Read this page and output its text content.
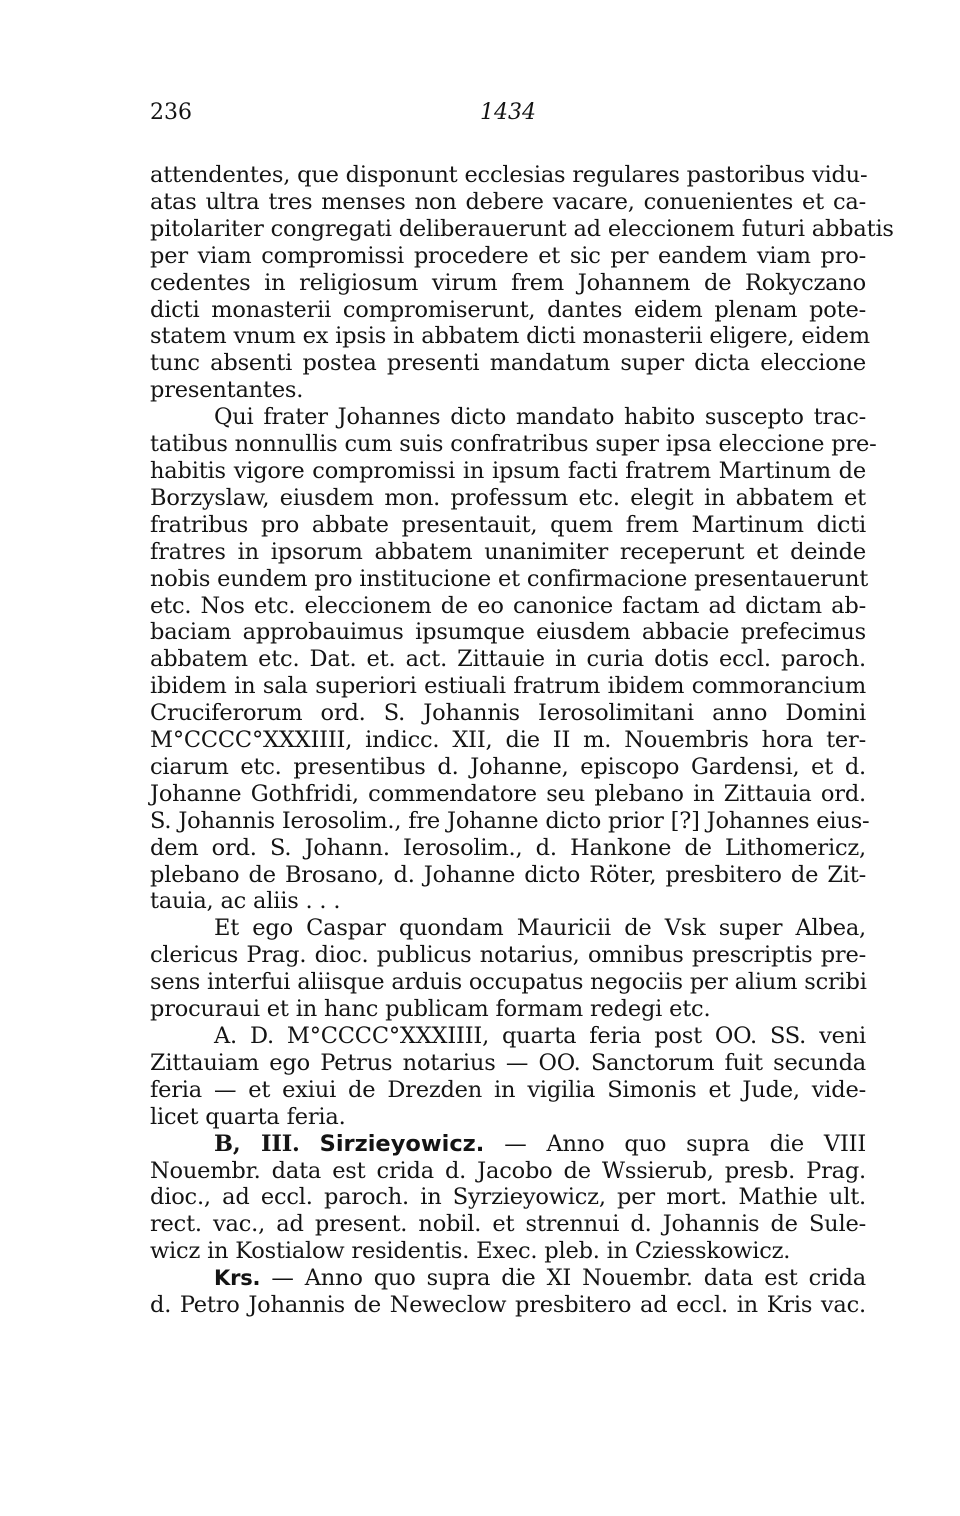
236	1434
attendentes, que disponunt ecclesias regulares pastoribus vidu-
atas ultra tres menses non debere vacare, conuenientes et ca-
pitolariter congregati deliberauerunt ad eleccionem futuri abbatis
per viam compromissi procedere et sic per eandem viam pro-
cedentes in religiosum virum frem Johannem de Rokyczano
dicti monasterii compromiserunt, dantes eidem plenam pote-
statem vnum ex ipsis in abbatem dicti monasterii eligere, eidem
tunc absenti postea presenti mandatum super dicta eleccione
presentantes.
Qui frater Johannes dicto mandato habito suscepto trac-
tatibus nonnullis cum suis confratribus super ipsa eleccione pre-
habitis vigore compromissi in ipsum facti fratrem Martinum de
Borzyslaw, eiusdem mon. professum etc. elegit in abbatem et
fratribus pro abbate presentauit, quem frem Martinum dicti
fratres in ipsorum abbatem unanimiter receperunt et deinde
nobis eundem pro institucione et confirmacione presentauerunt
etc. Nos etc. eleccionem de eo canonice factam ad dictam ab-
baciam approbauimus ipsumque eiusdem abbacie prefecimus
abbatem etc. Dat. et. act. Zittauie in curia dotis eccl. paroch.
ibidem in sala superiori estiuali fratrum ibidem commorancium
Cruciferorum ord. S. Johannis Ierosolimitani anno Domini
M°CCCC°XXXIIII, indicc. XII, die II m. Nouembris hora ter-
ciarum etc. presentibus d. Johanne, episcopo Gardensi, et d.
Johanne Gothfridi, commendatore seu plebano in Zittauia ord.
S. Johannis Ierosolim., fre Johanne dicto prior [?] Johannes eius-
dem ord. S. Johann. Ierosolim., d. Hankone de Lithomericz,
plebano de Brosano, d. Johanne dicto Röter, presbitero de Zit-
tauia, ac aliis . . .
Et ego Caspar quondam Mauricii de Vsk super Albea,
clericus Prag. dioc. publicus notarius, omnibus prescriptis pre-
sens interfui aliisque arduis occupatus negociis per alium scribi
procuraui et in hanc publicam formam redegi etc.
A. D. M°CCCC°XXXIIII, quarta feria post OO. SS. veni
Zittauiam ego Petrus notarius — OO. Sanctorum fuit secunda
feria — et exiui de Drezden in vigilia Simonis et Jude, vide-
licet quarta feria.
B, III. Sirzieyowicz. — Anno quo supra die VIII
Nouembr. data est crida d. Jacobo de Wssierub, presb. Prag.
dioc., ad eccl. paroch. in Syrzieyowicz, per mort. Mathie ult.
rect. vac., ad present. nobil. et strennui d. Johannis de Sule-
wicz in Kostialow residentis. Exec. pleb. in Cziesskowicz.
Krs. — Anno quo supra die XI Nouembr. data est crida
d. Petro Johannis de Neweclow presbitero ad eccl. in Kris vac.
